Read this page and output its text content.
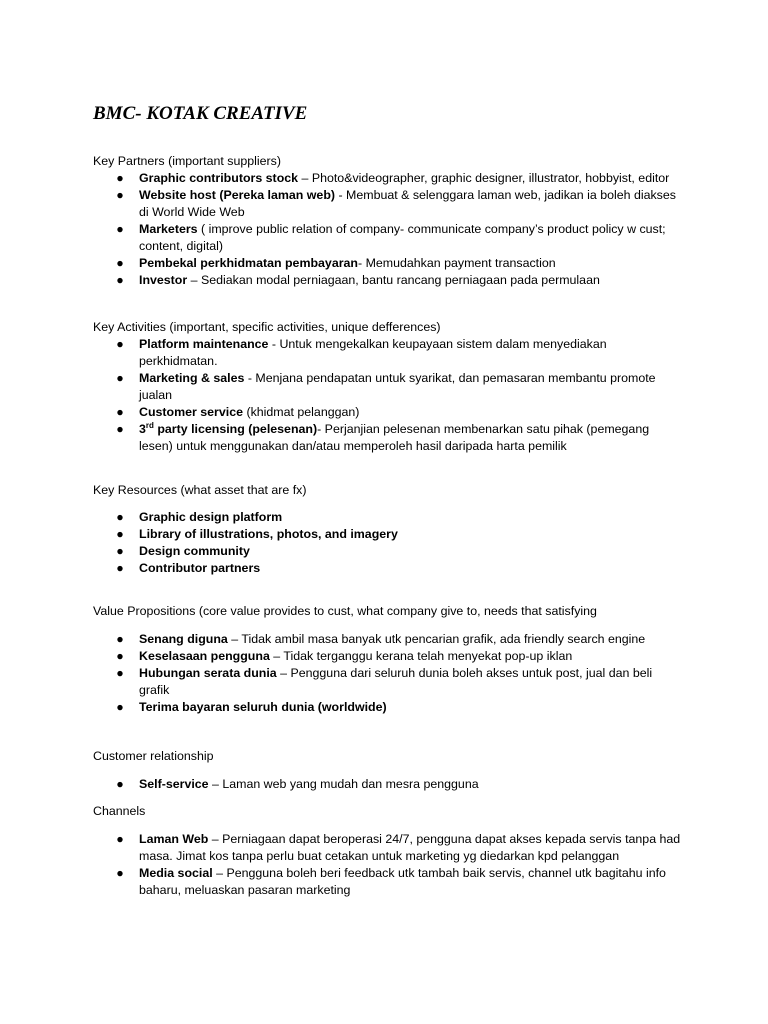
BMC- KOTAK CREATIVE

Key Partners (important suppliers)

● Graphic contributors stock – Photo&videographer, graphic designer, illustrator, hobbyist, editor
● Website host (Pereka laman web) - Membuat & selenggara laman web, jadikan ia boleh diakses di World Wide Web
● Marketers ( improve public relation of company- communicate company’s product policy w cust; content, digital)
● Pembekal perkhidmatan pembayaran- Memudahkan payment transaction
● Investor – Sediakan modal perniagaan, bantu rancang perniagaan pada permulaan

Key Activities (important, specific activities, unique defferences)

● Platform maintenance - Untuk mengekalkan keupayaan sistem dalam menyediakan perkhidmatan.
● Marketing & sales - Menjana pendapatan untuk syarikat, dan pemasaran membantu promote jualan
● Customer service (khidmat pelanggan)
● 3rd party licensing (pelesenan)- Perjanjian pelesenan membenarkan satu pihak (pemegang lesen) untuk menggunakan dan/atau memperoleh hasil daripada harta pemilik

Key Resources (what asset that are fx)

● Graphic design platform
● Library of illustrations, photos, and imagery
● Design community
● Contributor partners

Value Propositions (core value provides to cust, what company give to, needs that satisfying

● Senang diguna – Tidak ambil masa banyak utk pencarian grafik, ada friendly search engine
● Keselasaan pengguna – Tidak terganggu kerana telah menyekat pop-up iklan
● Hubungan serata dunia – Pengguna dari seluruh dunia boleh akses untuk post, jual dan beli grafik
● Terima bayaran seluruh dunia (worldwide)

Customer relationship

● Self-service – Laman web yang mudah dan mesra pengguna

Channels

● Laman Web – Perniagaan dapat beroperasi 24/7, pengguna dapat akses kepada servis tanpa had masa. Jimat kos tanpa perlu buat cetakan untuk marketing yg diedarkan kpd pelanggan
● Media social – Pengguna boleh beri feedback utk tambah baik servis, channel utk bagitahu info baharu, meluaskan pasaran marketing
